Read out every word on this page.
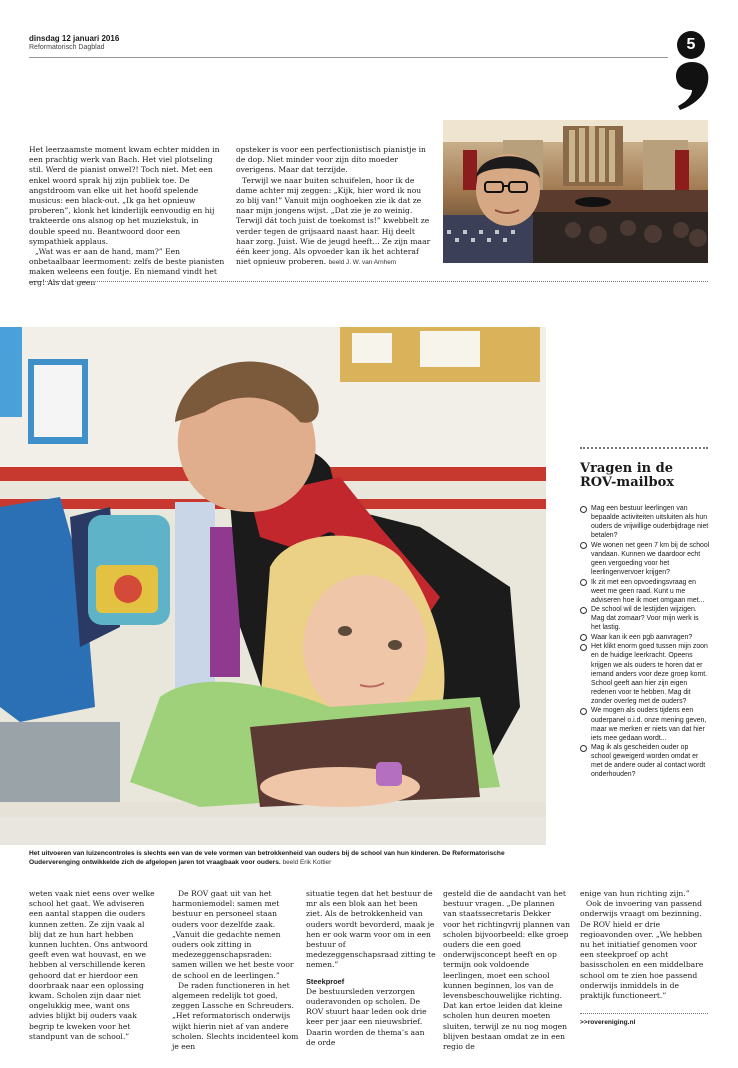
dinsdag 12 januari 2016
Reformatorisch Dagblad	5

Het leerzaamste moment kwam echter midden in een prachtig werk van Bach. Het viel plotseling stil. Werd de pianist onwel?! Toch niet. Met een enkel woord sprak hij zijn publiek toe. De angstdroom van elke uit het hoofd spelende musicus: een black-out. „Ik ga het opnieuw proberen”, klonk het kinderlijk eenvoudig en hij trakteerde ons alsnog op het muziekstuk, in double speed nu. Beantwoord door een sympathiek applaus.

„Wat was er aan de hand, mam?” Een onbetaalbaar leermoment: zelfs de beste pianisten maken weleens een foutje. En niemand vindt het erg! Als dat geen

opsteker is voor een perfectionistisch pianistje in de dop. Niet minder voor zijn dito moeder overigens. Maar dat terzijde.

Terwijl we naar buiten schuifelen, hoor ik de dame achter mij zeggen: „Kijk, hier word ik nou zo blij van!” Vanuit mijn ooghoeken zie ik dat ze naar mijn jongens wijst. „Dat zie je zo weinig. Terwijl dát toch juist de toekomst is!” kwebbelt ze verder tegen de grijsaard naast haar. Hij deelt haar zorg. Juist. Wie de jeugd heeft... Ze zijn maar één keer jong. Als opvoeder kan ik het achteraf niet opnieuw proberen. beeld J. W. van Arnhem

Het uitvoeren van luizencontroles is slechts een van de vele vormen van betrokkenheid van ouders bij de school van hun kinderen. De Reformatorische Ouderverenging ontwikkelde zich de afgelopen jaren tot vraagbaak voor ouders. beeld Erik Kottier
Vragen in de ROV-mailbox
Mag een bestuur leerlingen van bepaalde activiteiten uitsluiten als hun ouders de vrijwillige ouderbijdrage niet betalen?
We wonen net geen 7 km bij de school vandaan. Kunnen we daardoor echt geen vergoeding voor het leerlingenvervoer krijgen?
Ik zit met een opvoedingsvraag en weet me geen raad. Kunt u me adviseren hoe ik moet omgaan met...
De school wil de lestijden wijzigen. Mag dat zomaar? Voor mijn werk is het lastig.
Waar kan ik een pgb aanvragen?
Het klikt enorm goed tussen mijn zoon en de huidige leerkracht. Opeens krijgen we als ouders te horen dat er iemand anders voor deze groep komt. School geeft aan hier zijn eigen redenen voor te hebben. Mag dit zonder overleg met de ouders?
We mogen als ouders tijdens een ouderpanel o.i.d. onze mening geven, maar we merken er niets van dat hier iets mee gedaan wordt...
Mag ik als gescheiden ouder op school geweigerd worden omdat er met de andere ouder al contact wordt onderhouden?

weten vaak niet eens over welke school het gaat. We adviseren een aantal stappen die ouders kunnen zetten. Ze zijn vaak al blij dat ze hun hart hebben kunnen luchten. Ons antwoord geeft even wat houvast, en we hebben al verschillende keren gehoord dat er hierdoor een doorbraak naar een oplossing kwam. Scholen zijn daar niet ongelukkig mee, want ons advies blijkt bij ouders vaak begrip te kweken voor het standpunt van de school.”

De ROV gaat uit van het harmoniemodel: samen met bestuur en personeel staan ouders voor dezelfde zaak. „Vanuit die gedachte nemen ouders ook zitting in medezeggenschapsraden: samen willen we het beste voor de school en de leerlingen.”

De raden functioneren in het algemeen redelijk tot goed, zeggen Lassche en Schreuders. „Het reformatorisch onderwijs wijkt hierin niet af van andere scholen. Slechts incidenteel kom je een

situatie tegen dat het bestuur de mr als een blok aan het been ziet. Als de betrokkenheid van ouders wordt bevorderd, maak je hen er ook warm voor om in een bestuur of medezeggenschapsraad zitting te nemen.”

Steekproef

De bestuursleden verzorgen ouderavonden op scholen. De ROV stuurt haar leden ook drie keer per jaar een nieuwsbrief. Daarin worden de thema’s aan de orde

gesteld die de aandacht van het bestuur vragen. „De plannen van staatssecretaris Dekker voor het richtingvrij plannen van scholen bijvoorbeeld: elke groep ouders die een goed onderwijsconcept heeft en op termijn ook voldoende leerlingen, moet een school kunnen beginnen, los van de levensbeschouwelijke richting. Dat kan ertoe leiden dat kleine scholen hun deuren moeten sluiten, terwijl ze nu nog mogen blijven bestaan omdat ze in een regio de

enige van hun richting zijn.”

Ook de invoering van passend onderwijs vraagt om bezinning. De ROV hield er drie regioavonden over. „We hebben nu het initiatief genomen voor een steekproef op acht basisscholen en een middelbare school om te zien hoe passend onderwijs inmiddels in de praktijk functioneert.”

>>rovereniging.nl
